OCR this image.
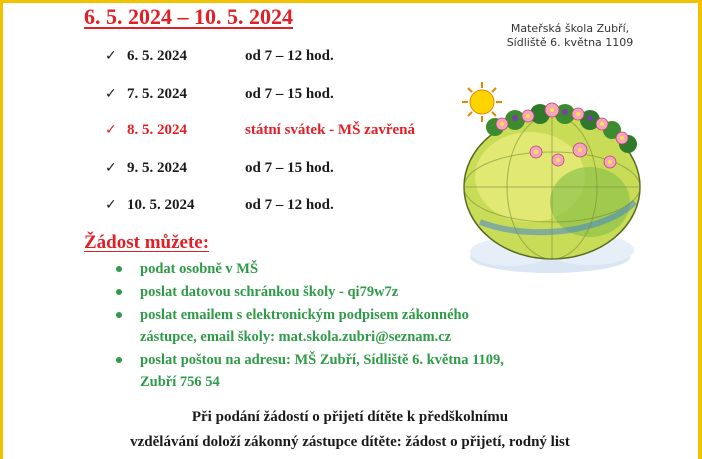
6. 5. 2024 – 10. 5. 2024
✓ 6. 5. 2024	od 7 – 12 hod.
✓ 7. 5. 2024	od 7 – 15 hod.
✓ 8. 5. 2024	státní svátek - MŠ zavřená
✓ 9. 5. 2024	od 7 – 15 hod.
✓ 10. 5. 2024	od 7 – 12 hod.
Mateřská škola Zubří,
Sídliště 6. května 1109
Žádost můžete:
podat osobně v MŠ
poslat datovou schránkou školy - qi79w7z
poslat emailem s elektronickým podpisem zákonného
zástupce, email školy: mat.skola.zubri@seznam.cz
poslat poštou na adresu: MŠ Zubří, Sídliště 6. května 1109,
Zubří 756 54
Při podání žádostí o přijetí dítěte k předškolnímu
vzdělávání doloží zákonný zástupce dítěte: žádost o přijetí, rodný list
